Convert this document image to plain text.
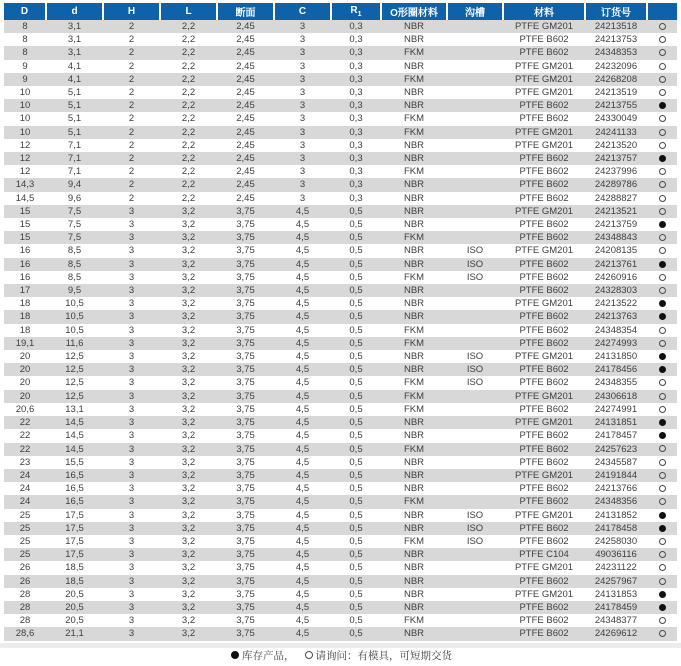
D	d	H	L	断面	C	$R_1$	O形圈材料	沟槽	材料	订货号	
8	3,1	2	2,2	2,45	3	0,3	NBR		PTFE GM201	24213518	
8	3,1	2	2,2	2,45	3	0,3	NBR		PTFE B602	24213753	
8	3,1	2	2,2	2,45	3	0,3	FKM		PTFE B602	24348353	
9	4,1	2	2,2	2,45	3	0,3	NBR		PTFE GM201	24232096	
9	4,1	2	2,2	2,45	3	0,3	FKM		PTFE GM201	24268208	
10	5,1	2	2,2	2,45	3	0,3	NBR		PTFE GM201	24213519	
10	5,1	2	2,2	2,45	3	0,3	NBR		PTFE B602	24213755	
10	5,1	2	2,2	2,45	3	0,3	FKM		PTFE B602	24330049	
10	5,1	2	2,2	2,45	3	0,3	FKM		PTFE GM201	24241133	
12	7,1	2	2,2	2,45	3	0,3	NBR		PTFE GM201	24213520	
12	7,1	2	2,2	2,45	3	0,3	NBR		PTFE B602	24213757	
12	7,1	2	2,2	2,45	3	0,3	FKM		PTFE B602	24237996	
14,3	9,4	2	2,2	2,45	3	0,3	NBR		PTFE B602	24289786	
14,5	9,6	2	2,2	2,45	3	0,3	NBR		PTFE B602	24288827	
15	7,5	3	3,2	3,75	4,5	0,5	NBR		PTFE GM201	24213521	
15	7,5	3	3,2	3,75	4,5	0,5	NBR		PTFE B602	24213759	
15	7,5	3	3,2	3,75	4,5	0,5	FKM		PTFE B602	24348843	
16	8,5	3	3,2	3,75	4,5	0,5	NBR	ISO	PTFE GM201	24208135	
16	8,5	3	3,2	3,75	4,5	0,5	NBR	ISO	PTFE B602	24213761	
16	8,5	3	3,2	3,75	4,5	0,5	FKM	ISO	PTFE B602	24260916	
17	9,5	3	3,2	3,75	4,5	0,5	NBR		PTFE B602	24328303	
18	10,5	3	3,2	3,75	4,5	0,5	NBR		PTFE GM201	24213522	
18	10,5	3	3,2	3,75	4,5	0,5	NBR		PTFE B602	24213763	
18	10,5	3	3,2	3,75	4,5	0,5	FKM		PTFE B602	24348354	
19,1	11,6	3	3,2	3,75	4,5	0,5	FKM		PTFE B602	24274993	
20	12,5	3	3,2	3,75	4,5	0,5	NBR	ISO	PTFE GM201	24131850	
20	12,5	3	3,2	3,75	4,5	0,5	NBR	ISO	PTFE B602	24178456	
20	12,5	3	3,2	3,75	4,5	0,5	FKM	ISO	PTFE B602	24348355	
20	12,5	3	3,2	3,75	4,5	0,5	FKM		PTFE GM201	24306618	
20,6	13,1	3	3,2	3,75	4,5	0,5	FKM		PTFE B602	24274991	
22	14,5	3	3,2	3,75	4,5	0,5	NBR		PTFE GM201	24131851	
22	14,5	3	3,2	3,75	4,5	0,5	NBR		PTFE B602	24178457	
22	14,5	3	3,2	3,75	4,5	0,5	FKM		PTFE B602	24257623	
23	15,5	3	3,2	3,75	4,5	0,5	NBR		PTFE B602	24345587	
24	16,5	3	3,2	3,75	4,5	0,5	NBR		PTFE GM201	24191844	
24	16,5	3	3,2	3,75	4,5	0,5	NBR		PTFE B602	24213766	
24	16,5	3	3,2	3,75	4,5	0,5	FKM		PTFE B602	24348356	
25	17,5	3	3,2	3,75	4,5	0,5	NBR	ISO	PTFE GM201	24131852	
25	17,5	3	3,2	3,75	4,5	0,5	NBR	ISO	PTFE B602	24178458	
25	17,5	3	3,2	3,75	4,5	0,5	FKM	ISO	PTFE B602	24258030	
25	17,5	3	3,2	3,75	4,5	0,5	NBR		PTFE C104	49036116	
26	18,5	3	3,2	3,75	4,5	0,5	NBR		PTFE GM201	24231122	
26	18,5	3	3,2	3,75	4,5	0,5	NBR		PTFE B602	24257967	
28	20,5	3	3,2	3,75	4,5	0,5	NBR		PTFE GM201	24131853	
28	20,5	3	3,2	3,75	4,5	0,5	NBR		PTFE B602	24178459	
28	20,5	3	3,2	3,75	4,5	0,5	FKM		PTFE B602	24348377	
28,6	21,1	3	3,2	3,75	4,5	0,5	NBR		PTFE B602	24269612	
库存产品， 请询问：有模具，可短期交货
